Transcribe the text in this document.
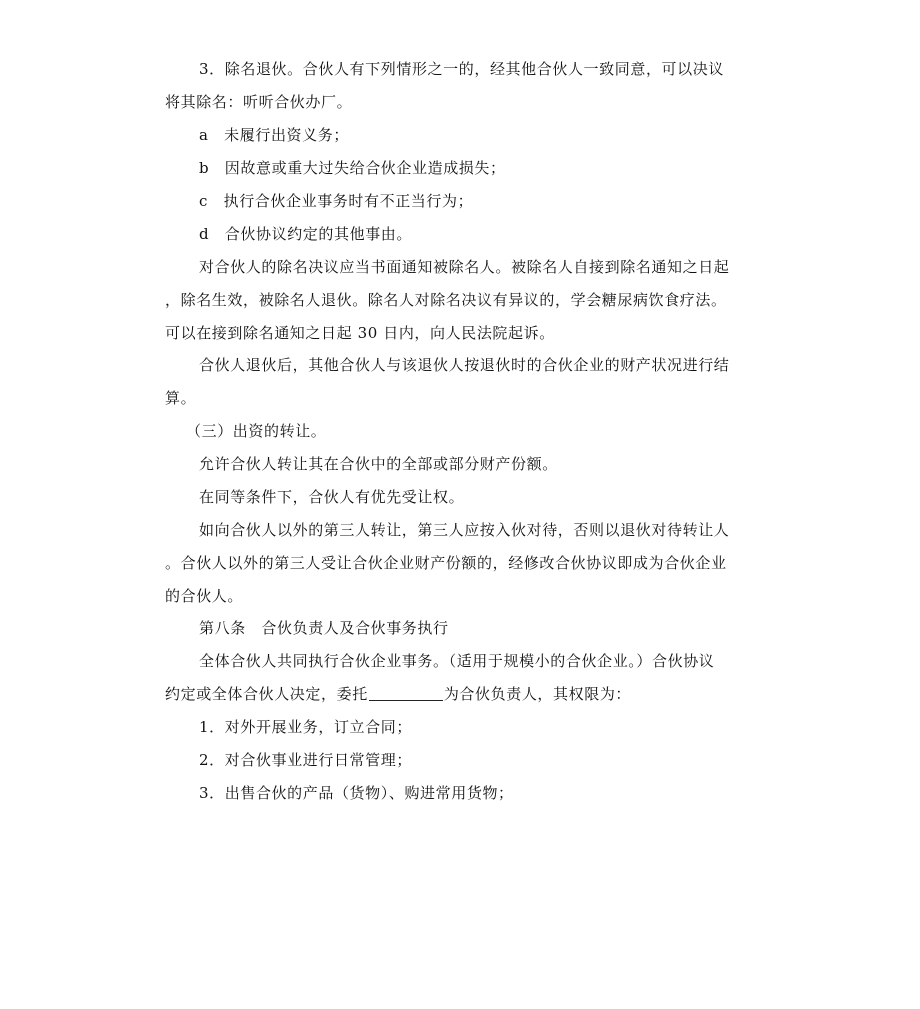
3．除名退伙。合伙人有下列情形之一的，经其他合伙人一致同意，可以决议
将其除名：听听合伙办厂。
a　未履行出资义务；
b　因故意或重大过失给合伙企业造成损失；
c　执行合伙企业事务时有不正当行为；
d　合伙协议约定的其他事由。
对合伙人的除名决议应当书面通知被除名人。被除名人自接到除名通知之日起
，除名生效，被除名人退伙。除名人对除名决议有异议的，学会糖尿病饮食疗法。
可以在接到除名通知之日起 30 日内，向人民法院起诉。
合伙人退伙后，其他合伙人与该退伙人按退伙时的合伙企业的财产状况进行结
算。
（三）出资的转让。
允许合伙人转让其在合伙中的全部或部分财产份额。
在同等条件下，合伙人有优先受让权。
如向合伙人以外的第三人转让，第三人应按入伙对待，否则以退伙对待转让人
。合伙人以外的第三人受让合伙企业财产份额的，经修改合伙协议即成为合伙企业
的合伙人。
第八条　合伙负责人及合伙事务执行
全体合伙人共同执行合伙企业事务。（适用于规模小的合伙企业。）合伙协议
约定或全体合伙人决定，委托	为合伙负责人，其权限为：
1．对外开展业务，订立合同；
2．对合伙事业进行日常管理；
3．出售合伙的产品（货物）、购进常用货物；
